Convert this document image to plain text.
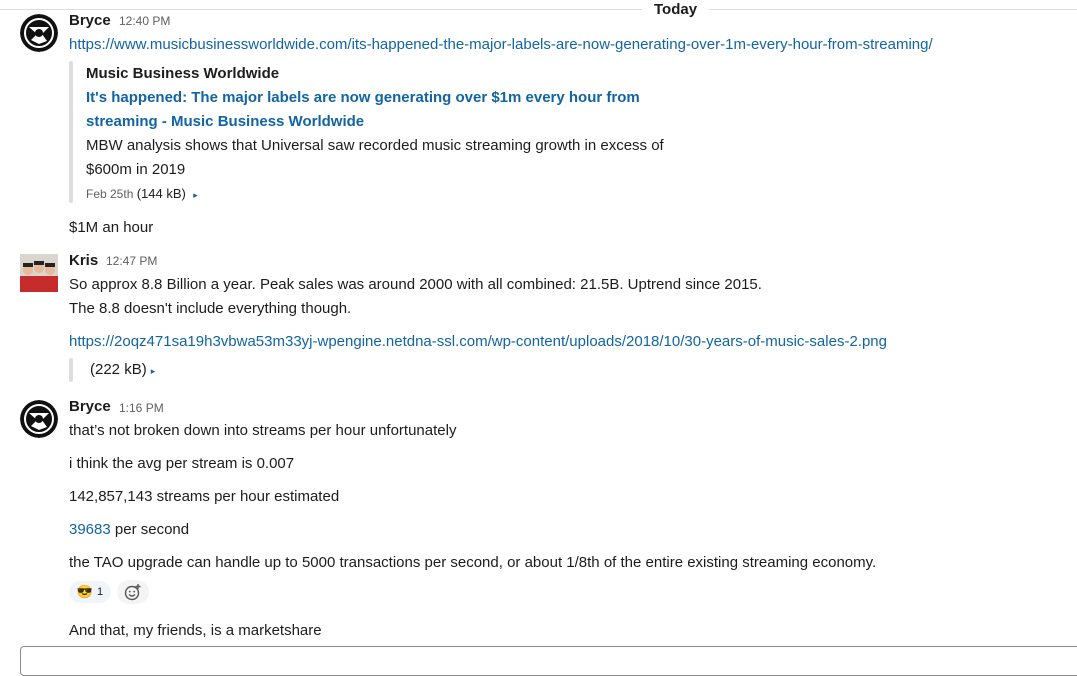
Today
Bryce 12:40 PM
https://www.musicbusinessworldwide.com/its-happened-the-major-labels-are-now-generating-over-1m-every-hour-from-streaming/
Music Business Worldwide
It's happened: The major labels are now generating over $1m every hour from
streaming - Music Business Worldwide
MBW analysis shows that Universal saw recorded music streaming growth in excess of
$600m in 2019
Feb 25th (144 kB) ▸
$1M an hour
Kris 12:47 PM
So approx 8.8 Billion a year. Peak sales was around 2000 with all combined: 21.5B. Uptrend since 2015.
The 8.8 doesn't include everything though.
https://2oqz471sa19h3vbwa53m33yj-wpengine.netdna-ssl.com/wp-content/uploads/2018/10/30-years-of-music-sales-2.png
(222 kB) ▸
Bryce 1:16 PM
that’s not broken down into streams per hour unfortunately
i think the avg per stream is 0.007
142,857,143 streams per hour estimated
39683 per second
the TAO upgrade can handle up to 5000 transactions per second, or about 1/8th of the entire existing streaming economy.
😎 1
And that, my friends, is a marketshare
